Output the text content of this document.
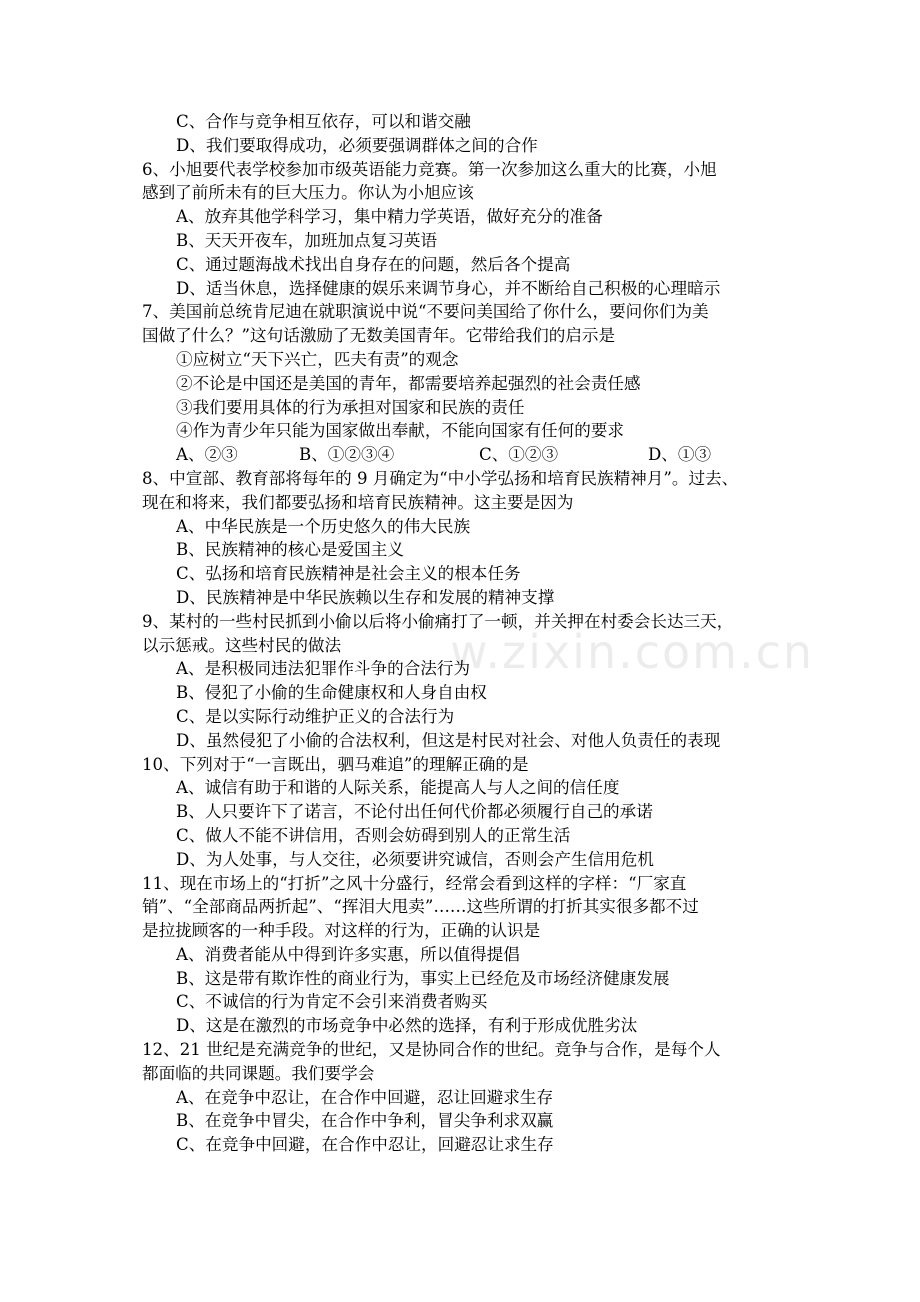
w.zixin.com.cn
C、合作与竞争相互依存，可以和谐交融
D、我们要取得成功，必须要强调群体之间的合作
6、小旭要代表学校参加市级英语能力竞赛。第一次参加这么重大的比赛，小旭
感到了前所未有的巨大压力。你认为小旭应该
A、放弃其他学科学习，集中精力学英语，做好充分的准备
B、天天开夜车，加班加点复习英语
C、通过题海战术找出自身存在的问题，然后各个提高
D、适当休息，选择健康的娱乐来调节身心，并不断给自己积极的心理暗示
7、美国前总统肯尼迪在就职演说中说“不要问美国给了你什么，要问你们为美
国做了什么？”这句话激励了无数美国青年。它带给我们的启示是
①应树立“天下兴亡，匹夫有责”的观念
②不论是中国还是美国的青年，都需要培养起强烈的社会责任感
③我们要用具体的行为承担对国家和民族的责任
④作为青少年只能为国家做出奉献，不能向国家有任何的要求
A、②③	B、①②③④	C、①②③	D、①③
8、中宣部、教育部将每年的 9 月确定为“中小学弘扬和培育民族精神月”。过去、
现在和将来，我们都要弘扬和培育民族精神。这主要是因为
A、中华民族是一个历史悠久的伟大民族
B、民族精神的核心是爱国主义
C、弘扬和培育民族精神是社会主义的根本任务
D、民族精神是中华民族赖以生存和发展的精神支撑
9、某村的一些村民抓到小偷以后将小偷痛打了一顿，并关押在村委会长达三天，
以示惩戒。这些村民的做法
A、是积极同违法犯罪作斗争的合法行为
B、侵犯了小偷的生命健康权和人身自由权
C、是以实际行动维护正义的合法行为
D、虽然侵犯了小偷的合法权利，但这是村民对社会、对他人负责任的表现
10、下列对于“一言既出，驷马难追”的理解正确的是
A、诚信有助于和谐的人际关系，能提高人与人之间的信任度
B、人只要许下了诺言，不论付出任何代价都必须履行自己的承诺
C、做人不能不讲信用，否则会妨碍到别人的正常生活
D、为人处事，与人交往，必须要讲究诚信，否则会产生信用危机
11、现在市场上的“打折”之风十分盛行，经常会看到这样的字样：“厂家直
销”、“全部商品两折起”、“挥泪大甩卖”……这些所谓的打折其实很多都不过
是拉拢顾客的一种手段。对这样的行为，正确的认识是
A、消费者能从中得到许多实惠，所以值得提倡
B、这是带有欺诈性的商业行为，事实上已经危及市场经济健康发展
C、不诚信的行为肯定不会引来消费者购买
D、这是在激烈的市场竞争中必然的选择，有利于形成优胜劣汰
12、21 世纪是充满竞争的世纪，又是协同合作的世纪。竞争与合作，是每个人
都面临的共同课题。我们要学会
A、在竞争中忍让，在合作中回避，忍让回避求生存
B、在竞争中冒尖，在合作中争利，冒尖争利求双赢
C、在竞争中回避，在合作中忍让，回避忍让求生存
